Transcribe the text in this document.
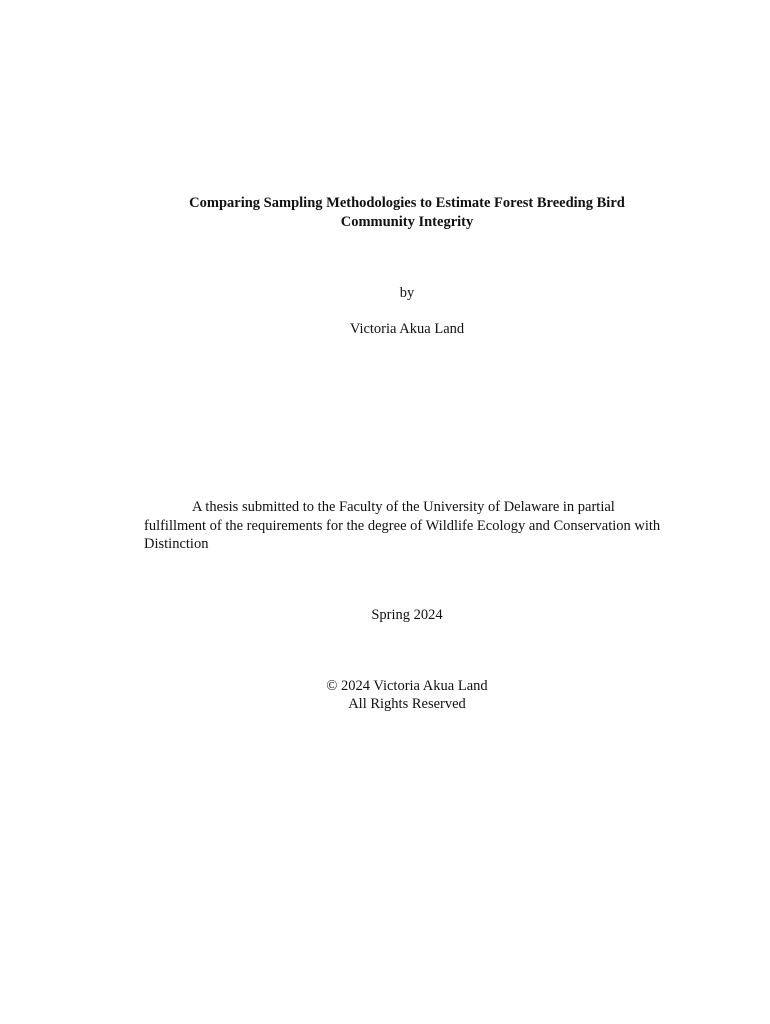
Comparing Sampling Methodologies to Estimate Forest Breeding Bird
Community Integrity
by
Victoria Akua Land
A thesis submitted to the Faculty of the University of Delaware in partial fulfillment of the requirements for the degree of Wildlife Ecology and Conservation with Distinction
Spring 2024
© 2024 Victoria Akua Land
All Rights Reserved
